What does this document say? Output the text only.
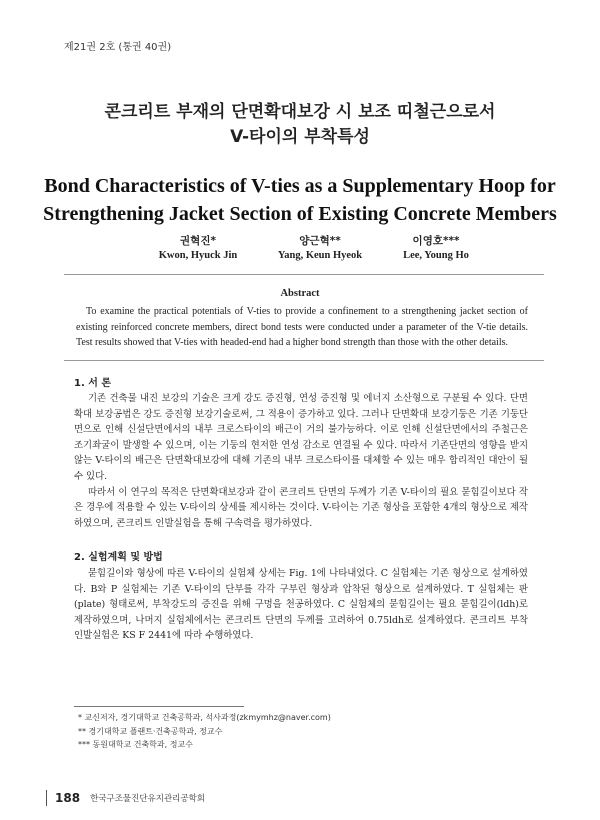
제21권 2호 (통권 40권)
콘크리트 부재의 단면확대보강 시 보조 띠철근으로서
V-타이의 부착특성
Bond Characteristics of V-ties as a Supplementary Hoop for
Strengthening Jacket Section of Existing Concrete Members
권혁진*
Kwon, Hyuck Jin
양근혁**
Yang, Keun Hyeok
이영호***
Lee, Young Ho
Abstract
To examine the practical potentials of V-ties to provide a confinement to a strengthening jacket section of existing reinforced concrete members, direct bond tests were conducted under a parameter of the V-tie details. Test results showed that V-ties with headed-end had a higher bond strength than those with the other details.
1. 서 론

기존 건축물 내진 보강의 기술은 크게 강도 증진형, 연성 증진형 및 에너지 소산형으로 구분될 수 있다. 단면확대 보강공법은 강도 증진형 보강기술로써, 그 적용이 증가하고 있다. 그러나 단면확대 보강기둥은 기존 기둥단면으로 인해 신설단면에서의 내부 크로스타이의 배근이 거의 불가능하다. 이로 인해 신설단면에서의 주철근은 조기좌굴이 발생할 수 있으며, 이는 기둥의 현저한 연성 감소로 연결될 수 있다. 따라서 기존단면의 영향을 받지 않는 V-타이의 배근은 단면확대보강에 대해 기존의 내부 크로스타이를 대체할 수 있는 매우 합리적인 대안이 될 수 있다.

따라서 이 연구의 목적은 단면확대보강과 같이 콘크리트 단면의 두께가 기존 V-타이의 필요 묻힘길이보다 작은 경우에 적용할 수 있는 V-타이의 상세를 제시하는 것이다. V-타이는 기존 형상을 포함한 4개의 형상으로 제작하였으며, 콘크리트 인발실험을 통해 구속력을 평가하였다.

2. 실험계획 및 방법

묻힘길이와 형상에 따른 V-타이의 실험체 상세는 Fig. 1에 나타내었다. C 실험체는 기존 형상으로 설계하였다. B와 P 실험체는 기존 V-타이의 단부를 각각 구부린 형상과 압착된 형상으로 설계하였다. T 실험체는 판(plate) 형태로써, 부착강도의 증진을 위해 구멍을 천공하였다. C 실험체의 묻힘길이는 필요 묻힘길이(ldh)로 제작하였으며, 나머지 실험체에서는 콘크리트 단면의 두께를 고려하여 0.75ldh로 설계하였다. 콘크리트 부착 인발실험은 KS F 2441에 따라 수행하였다.

* 교신저자, 경기대학교 건축공학과, 석사과정(zkmymhz@naver.com)
** 경기대학교 플랜트·건축공학과, 정교수
*** 동원대학교 건축학과, 정교수
188 한국구조물진단유지관리공학회
